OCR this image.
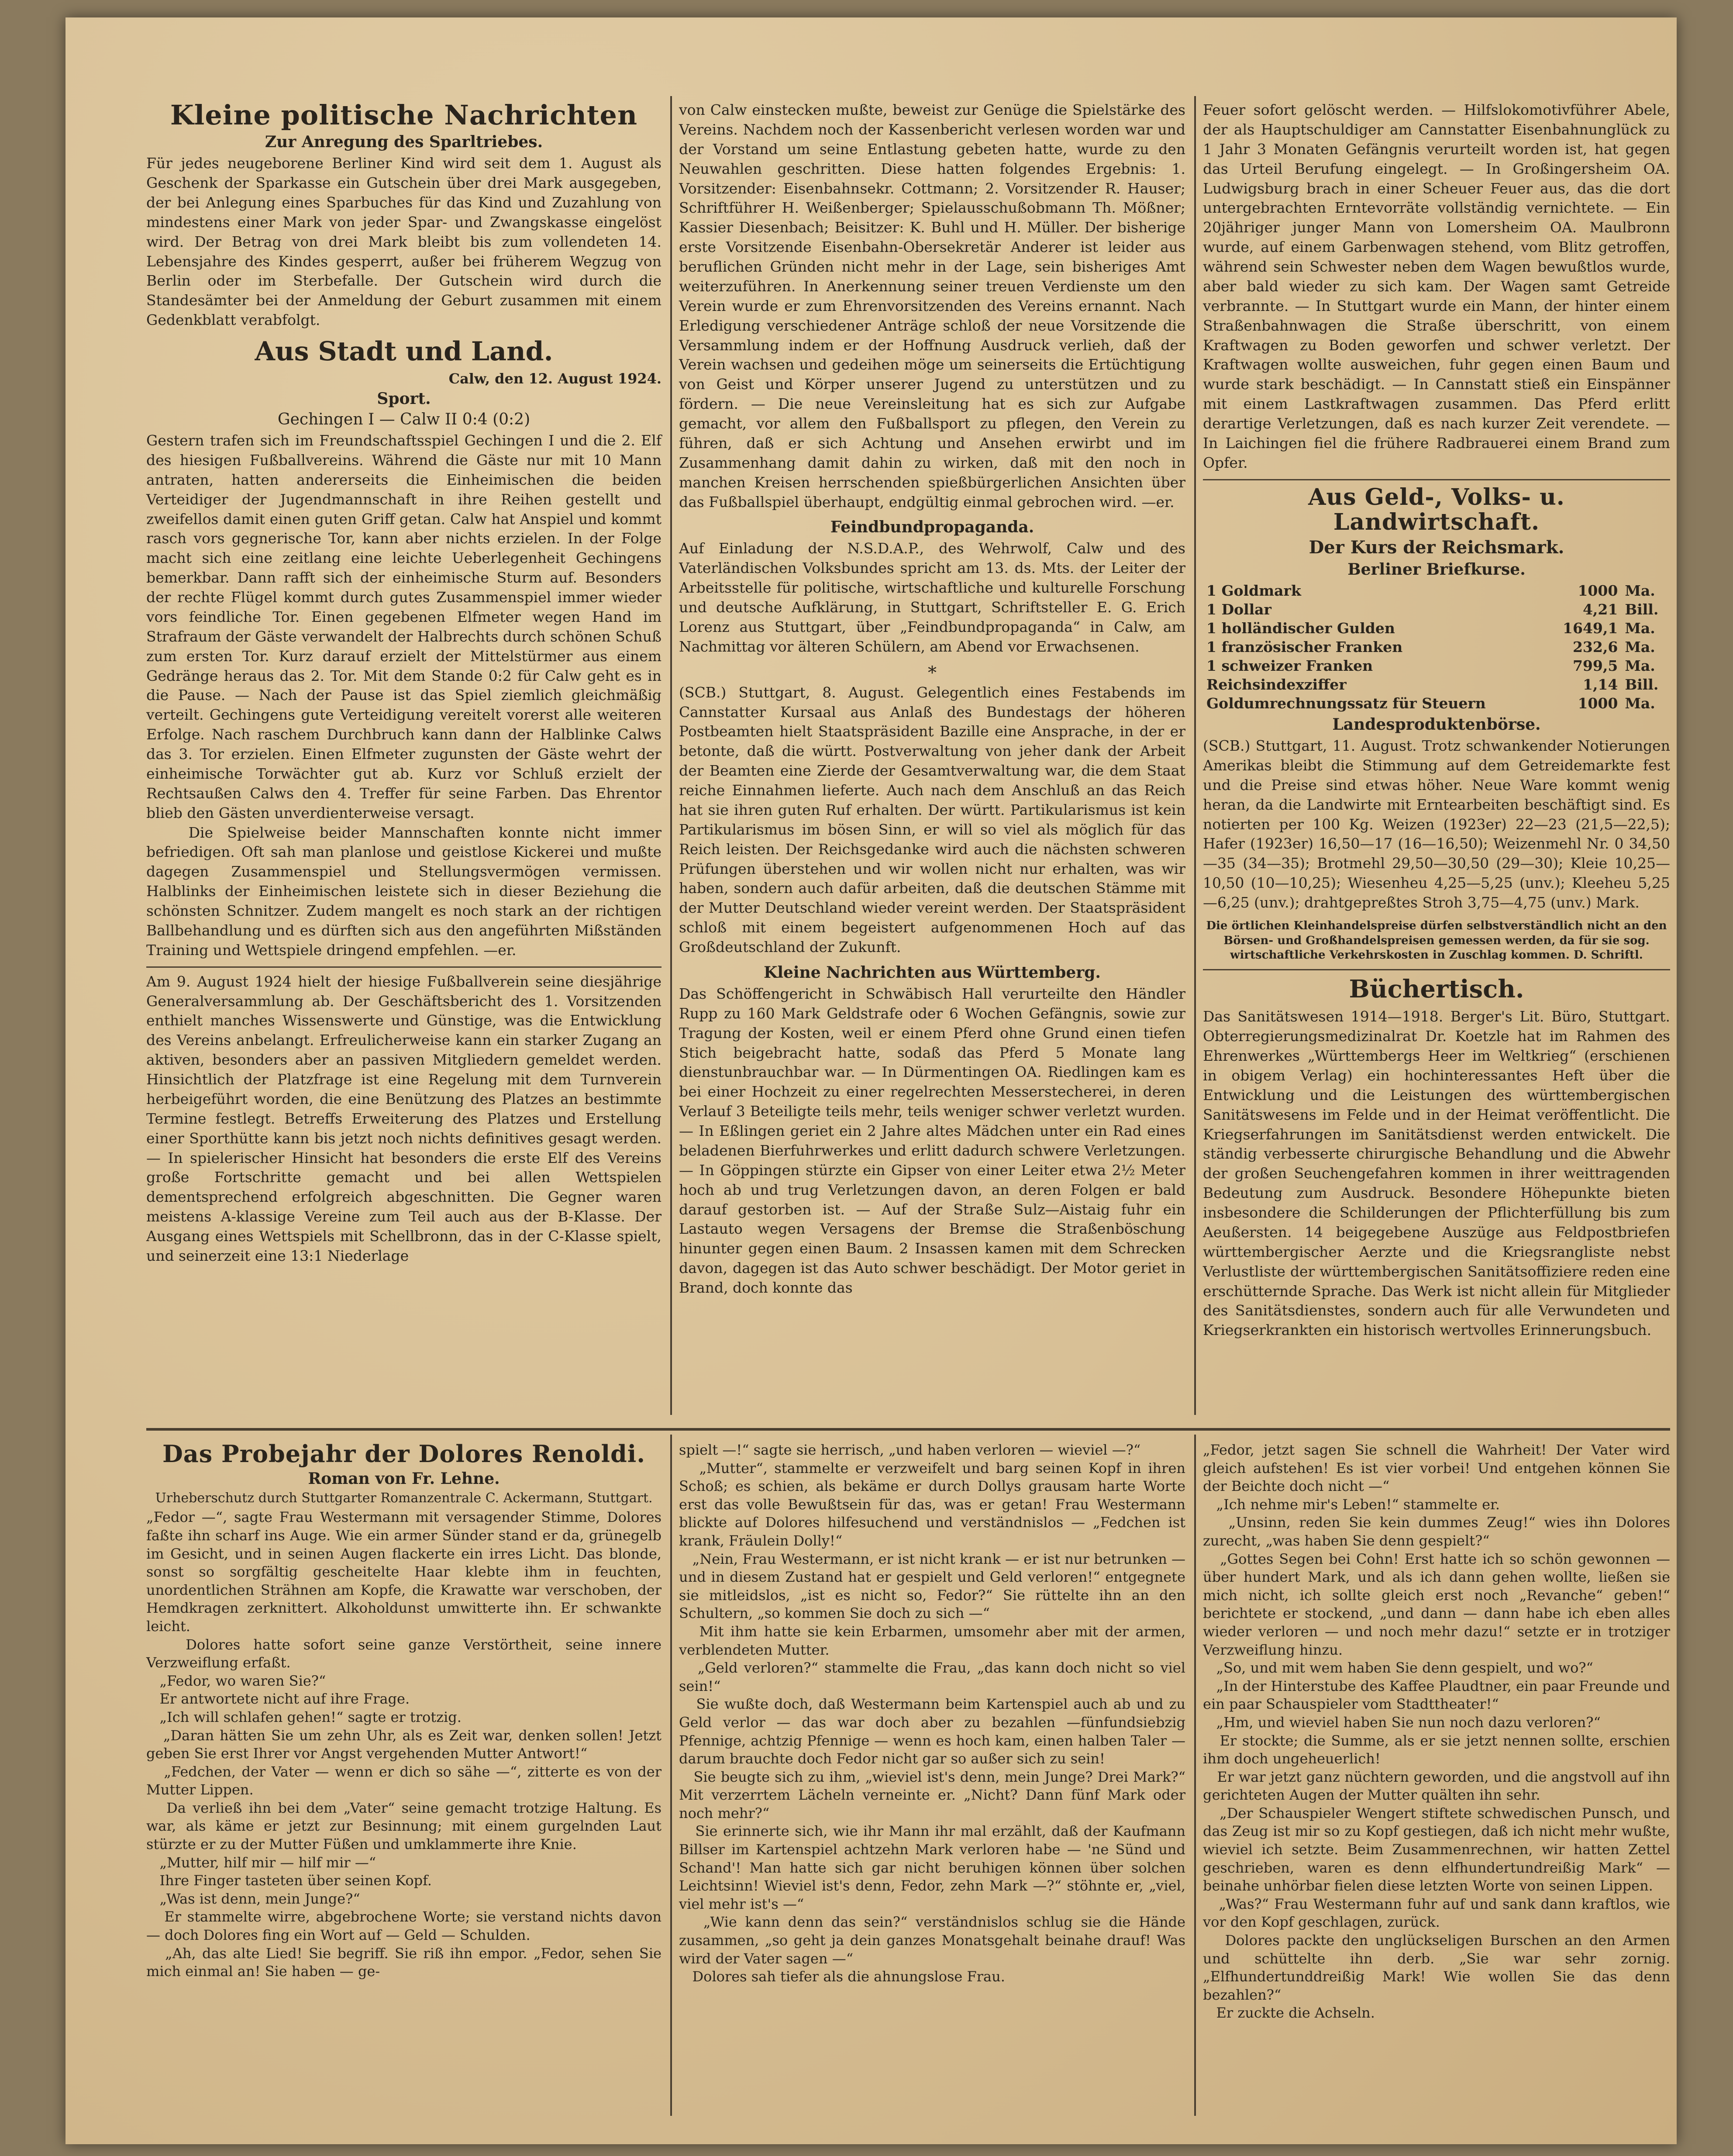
Kleine politische Nachrichten
Zur Anregung des Sparltriebes.
Für jedes neugeborene Berliner Kind wird seit dem 1. August als Geschenk der Sparkasse ein Gutschein über drei Mark ausgegeben, der bei Anlegung eines Sparbuches für das Kind und Zuzahlung von mindestens einer Mark von jeder Spar- und Zwangskasse eingelöst wird. Der Betrag von drei Mark bleibt bis zum vollendeten 14. Lebensjahre des Kindes gesperrt, außer bei früherem Wegzug von Berlin oder im Sterbefalle. Der Gutschein wird durch die Standesämter bei der Anmeldung der Geburt zusammen mit einem Gedenkblatt verabfolgt.
Aus Stadt und Land.
Calw, den 12. August 1924.
Sport.
Gechingen I — Calw II 0:4 (0:2)
Gestern trafen sich im Freundschaftsspiel Gechingen I und die 2. Elf des hiesigen Fußballvereins. Während die Gäste nur mit 10 Mann antraten, hatten andererseits die Einheimischen die beiden Verteidiger der Jugendmannschaft in ihre Reihen gestellt und zweifellos damit einen guten Griff getan. Calw hat Anspiel und kommt rasch vors gegnerische Tor, kann aber nichts erzielen. In der Folge macht sich eine zeitlang eine leichte Ueberlegenheit Gechingens bemerkbar. Dann rafft sich der einheimische Sturm auf. Besonders der rechte Flügel kommt durch gutes Zusammenspiel immer wieder vors feindliche Tor. Einen gegebenen Elfmeter wegen Hand im Strafraum der Gäste verwandelt der Halbrechts durch schönen Schuß zum ersten Tor. Kurz darauf erzielt der Mittelstürmer aus einem Gedränge heraus das 2. Tor. Mit dem Stande 0:2 für Calw geht es in die Pause. — Nach der Pause ist das Spiel ziemlich gleichmäßig verteilt. Gechingens gute Verteidigung vereitelt vorerst alle weiteren Erfolge. Nach raschem Durchbruch kann dann der Halblinke Calws das 3. Tor erzielen. Einen Elfmeter zugunsten der Gäste wehrt der einheimische Torwächter gut ab. Kurz vor Schluß erzielt der Rechtsaußen Calws den 4. Treffer für seine Farben. Das Ehrentor blieb den Gästen unverdienterweise versagt.
Die Spielweise beider Mannschaften konnte nicht immer befriedigen. Oft sah man planlose und geistlose Kickerei und mußte dagegen Zusammenspiel und Stellungsvermögen vermissen. Halblinks der Einheimischen leistete sich in dieser Beziehung die schönsten Schnitzer. Zudem mangelt es noch stark an der richtigen Ballbehandlung und es dürften sich aus den angeführten Mißständen Training und Wettspiele dringend empfehlen. —er.
Am 9. August 1924 hielt der hiesige Fußballverein seine diesjährige Generalversammlung ab. Der Geschäftsbericht des 1. Vorsitzenden enthielt manches Wissenswerte und Günstige, was die Entwicklung des Vereins anbelangt. Erfreulicherweise kann ein starker Zugang an aktiven, besonders aber an passiven Mitgliedern gemeldet werden. Hinsichtlich der Platzfrage ist eine Regelung mit dem Turnverein herbeigeführt worden, die eine Benützung des Platzes an bestimmte Termine festlegt. Betreffs Erweiterung des Platzes und Erstellung einer Sporthütte kann bis jetzt noch nichts definitives gesagt werden. — In spielerischer Hinsicht hat besonders die erste Elf des Vereins große Fortschritte gemacht und bei allen Wettspielen dementsprechend erfolgreich abgeschnitten. Die Gegner waren meistens A-klassige Vereine zum Teil auch aus der B-Klasse. Der Ausgang eines Wettspiels mit Schellbronn, das in der C-Klasse spielt, und seinerzeit eine 13:1 Niederlage
von Calw einstecken mußte, beweist zur Genüge die Spielstärke des Vereins. Nachdem noch der Kassenbericht verlesen worden war und der Vorstand um seine Entlastung gebeten hatte, wurde zu den Neuwahlen geschritten. Diese hatten folgendes Ergebnis: 1. Vorsitzender: Eisenbahnsekr. Cottmann; 2. Vorsitzender R. Hauser; Schriftführer H. Weißenberger; Spielausschußobmann Th. Mößner; Kassier Diesenbach; Beisitzer: K. Buhl und H. Müller. Der bisherige erste Vorsitzende Eisenbahn-Obersekretär Anderer ist leider aus beruflichen Gründen nicht mehr in der Lage, sein bisheriges Amt weiterzuführen. In Anerkennung seiner treuen Verdienste um den Verein wurde er zum Ehrenvorsitzenden des Vereins ernannt. Nach Erledigung verschiedener Anträge schloß der neue Vorsitzende die Versammlung indem er der Hoffnung Ausdruck verlieh, daß der Verein wachsen und gedeihen möge um seinerseits die Ertüchtigung von Geist und Körper unserer Jugend zu unterstützen und zu fördern. — Die neue Vereinsleitung hat es sich zur Aufgabe gemacht, vor allem den Fußballsport zu pflegen, den Verein zu führen, daß er sich Achtung und Ansehen erwirbt und im Zusammenhang damit dahin zu wirken, daß mit den noch in manchen Kreisen herrschenden spießbürgerlichen Ansichten über das Fußballspiel überhaupt, endgültig einmal gebrochen wird. —er.
Feindbundpropaganda.
Auf Einladung der N.S.D.A.P., des Wehrwolf, Calw und des Vaterländischen Volksbundes spricht am 13. ds. Mts. der Leiter der Arbeitsstelle für politische, wirtschaftliche und kulturelle Forschung und deutsche Aufklärung, in Stuttgart, Schriftsteller E. G. Erich Lorenz aus Stuttgart, über „Feindbundpropaganda“ in Calw, am Nachmittag vor älteren Schülern, am Abend vor Erwachsenen.
*
(SCB.) Stuttgart, 8. August. Gelegentlich eines Festabends im Cannstatter Kursaal aus Anlaß des Bundestags der höheren Postbeamten hielt Staatspräsident Bazille eine Ansprache, in der er betonte, daß die württ. Postverwaltung von jeher dank der Arbeit der Beamten eine Zierde der Gesamtverwaltung war, die dem Staat reiche Einnahmen lieferte. Auch nach dem Anschluß an das Reich hat sie ihren guten Ruf erhalten. Der württ. Partikularismus ist kein Partikularismus im bösen Sinn, er will so viel als möglich für das Reich leisten. Der Reichsgedanke wird auch die nächsten schweren Prüfungen überstehen und wir wollen nicht nur erhalten, was wir haben, sondern auch dafür arbeiten, daß die deutschen Stämme mit der Mutter Deutschland wieder vereint werden. Der Staatspräsident schloß mit einem begeistert aufgenommenen Hoch auf das Großdeutschland der Zukunft.
Kleine Nachrichten aus Württemberg.
Das Schöffengericht in Schwäbisch Hall verurteilte den Händler Rupp zu 160 Mark Geldstrafe oder 6 Wochen Gefängnis, sowie zur Tragung der Kosten, weil er einem Pferd ohne Grund einen tiefen Stich beigebracht hatte, sodaß das Pferd 5 Monate lang dienstunbrauchbar war. — In Dürmentingen OA. Riedlingen kam es bei einer Hochzeit zu einer regelrechten Messerstecherei, in deren Verlauf 3 Beteiligte teils mehr, teils weniger schwer verletzt wurden. — In Eßlingen geriet ein 2 Jahre altes Mädchen unter ein Rad eines beladenen Bierfuhrwerkes und erlitt dadurch schwere Verletzungen. — In Göppingen stürzte ein Gipser von einer Leiter etwa 2½ Meter hoch ab und trug Verletzungen davon, an deren Folgen er bald darauf gestorben ist. — Auf der Straße Sulz—Aistaig fuhr ein Lastauto wegen Versagens der Bremse die Straßenböschung hinunter gegen einen Baum. 2 Insassen kamen mit dem Schrecken davon, dagegen ist das Auto schwer beschädigt. Der Motor geriet in Brand, doch konnte das
Feuer sofort gelöscht werden. — Hilfslokomotivführer Abele, der als Hauptschuldiger am Cannstatter Eisenbahnunglück zu 1 Jahr 3 Monaten Gefängnis verurteilt worden ist, hat gegen das Urteil Berufung eingelegt. — In Großingersheim OA. Ludwigsburg brach in einer Scheuer Feuer aus, das die dort untergebrachten Erntevorräte vollständig vernichtete. — Ein 20jähriger junger Mann von Lomersheim OA. Maulbronn wurde, auf einem Garbenwagen stehend, vom Blitz getroffen, während sein Schwester neben dem Wagen bewußtlos wurde, aber bald wieder zu sich kam. Der Wagen samt Getreide verbrannte. — In Stuttgart wurde ein Mann, der hinter einem Straßenbahnwagen die Straße überschritt, von einem Kraftwagen zu Boden geworfen und schwer verletzt. Der Kraftwagen wollte ausweichen, fuhr gegen einen Baum und wurde stark beschädigt. — In Cannstatt stieß ein Einspänner mit einem Lastkraftwagen zusammen. Das Pferd erlitt derartige Verletzungen, daß es nach kurzer Zeit verendete. — In Laichingen fiel die frühere Radbrauerei einem Brand zum Opfer.
Aus Geld-, Volks- u. Landwirtschaft.
Der Kurs der Reichsmark.
Berliner Briefkurse.
1 Goldmark	1000	Ma.
1 Dollar	4,21	Bill.
1 holländischer Gulden	1649,1	Ma.
1 französischer Franken	232,6	Ma.
1 schweizer Franken	799,5	Ma.
Reichsindexziffer	1,14	Bill.
Goldumrechnungssatz für Steuern	1000	Ma.
Landesproduktenbörse.
(SCB.) Stuttgart, 11. August. Trotz schwankender Notierungen Amerikas bleibt die Stimmung auf dem Getreidemarkte fest und die Preise sind etwas höher. Neue Ware kommt wenig heran, da die Landwirte mit Erntearbeiten beschäftigt sind. Es notierten per 100 Kg. Weizen (1923er) 22—23 (21,5—22,5); Hafer (1923er) 16,50—17 (16—16,50); Weizenmehl Nr. 0 34,50—35 (34—35); Brotmehl 29,50—30,50 (29—30); Kleie 10,25—10,50 (10—10,25); Wiesenheu 4,25—5,25 (unv.); Kleeheu 5,25—6,25 (unv.); drahtgepreßtes Stroh 3,75—4,75 (unv.) Mark.
Die örtlichen Kleinhandelspreise dürfen selbstverständlich nicht an den Börsen- und Großhandelspreisen gemessen werden, da für sie sog. wirtschaftliche Verkehrskosten in Zuschlag kommen. D. Schriftl.
Büchertisch.
Das Sanitätswesen 1914—1918. Berger's Lit. Büro, Stuttgart. Obterregierungsmedizinalrat Dr. Koetzle hat im Rahmen des Ehrenwerkes „Württembergs Heer im Weltkrieg“ (erschienen in obigem Verlag) ein hochinteressantes Heft über die Entwicklung und die Leistungen des württembergischen Sanitätswesens im Felde und in der Heimat veröffentlicht. Die Kriegserfahrungen im Sanitätsdienst werden entwickelt. Die ständig verbesserte chirurgische Behandlung und die Abwehr der großen Seuchengefahren kommen in ihrer weittragenden Bedeutung zum Ausdruck. Besondere Höhepunkte bieten insbesondere die Schilderungen der Pflichterfüllung bis zum Aeußersten. 14 beigegebene Auszüge aus Feldpostbriefen württembergischer Aerzte und die Kriegsrangliste nebst Verlustliste der württembergischen Sanitätsoffiziere reden eine erschütternde Sprache. Das Werk ist nicht allein für Mitglieder des Sanitätsdienstes, sondern auch für alle Verwundeten und Kriegserkrankten ein historisch wertvolles Erinnerungsbuch.
Das Probejahr der Dolores Renoldi.
Roman von Fr. Lehne.
Urheberschutz durch Stuttgarter Romanzentrale C. Ackermann, Stuttgart.
„Fedor —“, sagte Frau Westermann mit versagender Stimme, Dolores faßte ihn scharf ins Auge. Wie ein armer Sünder stand er da, grünegelb im Gesicht, und in seinen Augen flackerte ein irres Licht. Das blonde, sonst so sorgfältig gescheitelte Haar klebte ihm in feuchten, unordentlichen Strähnen am Kopfe, die Krawatte war verschoben, der Hemdkragen zerknittert. Alkoholdunst umwitterte ihn. Er schwankte leicht.
Dolores hatte sofort seine ganze Verstörtheit, seine innere Verzweiflung erfaßt.
„Fedor, wo waren Sie?“
Er antwortete nicht auf ihre Frage.
„Ich will schlafen gehen!“ sagte er trotzig.
„Daran hätten Sie um zehn Uhr, als es Zeit war, denken sollen! Jetzt geben Sie erst Ihrer vor Angst vergehenden Mutter Antwort!“
„Fedchen, der Vater — wenn er dich so sähe —“, zitterte es von der Mutter Lippen.
Da verließ ihn bei dem „Vater“ seine gemacht trotzige Haltung. Es war, als käme er jetzt zur Besinnung; mit einem gurgelnden Laut stürzte er zu der Mutter Füßen und umklammerte ihre Knie.
„Mutter, hilf mir — hilf mir —“
Ihre Finger tasteten über seinen Kopf.
„Was ist denn, mein Junge?“
Er stammelte wirre, abgebrochene Worte; sie verstand nichts davon — doch Dolores fing ein Wort auf — Geld — Schulden.
„Ah, das alte Lied! Sie begriff. Sie riß ihn empor. „Fedor, sehen Sie mich einmal an! Sie haben — ge-
spielt —!“ sagte sie herrisch, „und haben verloren — wieviel —?“
„Mutter“, stammelte er verzweifelt und barg seinen Kopf in ihren Schoß; es schien, als bekäme er durch Dollys grausam harte Worte erst das volle Bewußtsein für das, was er getan! Frau Westermann blickte auf Dolores hilfesuchend und verständnislos — „Fedchen ist krank, Fräulein Dolly!“
„Nein, Frau Westermann, er ist nicht krank — er ist nur betrunken — und in diesem Zustand hat er gespielt und Geld verloren!“ entgegnete sie mitleidslos, „ist es nicht so, Fedor?“ Sie rüttelte ihn an den Schultern, „so kommen Sie doch zu sich —“
Mit ihm hatte sie kein Erbarmen, umsomehr aber mit der armen, verblendeten Mutter.
„Geld verloren?“ stammelte die Frau, „das kann doch nicht so viel sein!“
Sie wußte doch, daß Westermann beim Kartenspiel auch ab und zu Geld verlor — das war doch aber zu bezahlen —fünfundsiebzig Pfennige, achtzig Pfennige — wenn es hoch kam, einen halben Taler — darum brauchte doch Fedor nicht gar so außer sich zu sein!
Sie beugte sich zu ihm, „wieviel ist's denn, mein Junge? Drei Mark?“ Mit verzerrtem Lächeln verneinte er. „Nicht? Dann fünf Mark oder noch mehr?“
Sie erinnerte sich, wie ihr Mann ihr mal erzählt, daß der Kaufmann Billser im Kartenspiel achtzehn Mark verloren habe — 'ne Sünd und Schand'! Man hatte sich gar nicht beruhigen können über solchen Leichtsinn! Wieviel ist's denn, Fedor, zehn Mark —?“ stöhnte er, „viel, viel mehr ist's —“
„Wie kann denn das sein?“ verständnislos schlug sie die Hände zusammen, „so geht ja dein ganzes Monatsgehalt beinahe drauf! Was wird der Vater sagen —“
Dolores sah tiefer als die ahnungslose Frau.
„Fedor, jetzt sagen Sie schnell die Wahrheit! Der Vater wird gleich aufstehen! Es ist vier vorbei! Und entgehen können Sie der Beichte doch nicht —“
„Ich nehme mir's Leben!“ stammelte er.
„Unsinn, reden Sie kein dummes Zeug!“ wies ihn Dolores zurecht, „was haben Sie denn gespielt?“
„Gottes Segen bei Cohn! Erst hatte ich so schön gewonnen — über hundert Mark, und als ich dann gehen wollte, ließen sie mich nicht, ich sollte gleich erst noch „Revanche“ geben!“ berichtete er stockend, „und dann — dann habe ich eben alles wieder verloren — und noch mehr dazu!“ setzte er in trotziger Verzweiflung hinzu.
„So, und mit wem haben Sie denn gespielt, und wo?“
„In der Hinterstube des Kaffee Plaudtner, ein paar Freunde und ein paar Schauspieler vom Stadttheater!“
„Hm, und wieviel haben Sie nun noch dazu verloren?“
Er stockte; die Summe, als er sie jetzt nennen sollte, erschien ihm doch ungeheuerlich!
Er war jetzt ganz nüchtern geworden, und die angstvoll auf ihn gerichteten Augen der Mutter quälten ihn sehr.
„Der Schauspieler Wengert stiftete schwedischen Punsch, und das Zeug ist mir so zu Kopf gestiegen, daß ich nicht mehr wußte, wieviel ich setzte. Beim Zusammenrechnen, wir hatten Zettel geschrieben, waren es denn elfhundertundreißig Mark“ — beinahe unhörbar fielen diese letzten Worte von seinen Lippen.
„Was?“ Frau Westermann fuhr auf und sank dann kraftlos, wie vor den Kopf geschlagen, zurück.
Dolores packte den unglückseligen Burschen an den Armen und schüttelte ihn derb. „Sie war sehr zornig. „Elfhundertunddreißig Mark! Wie wollen Sie das denn bezahlen?“
Er zuckte die Achseln.
